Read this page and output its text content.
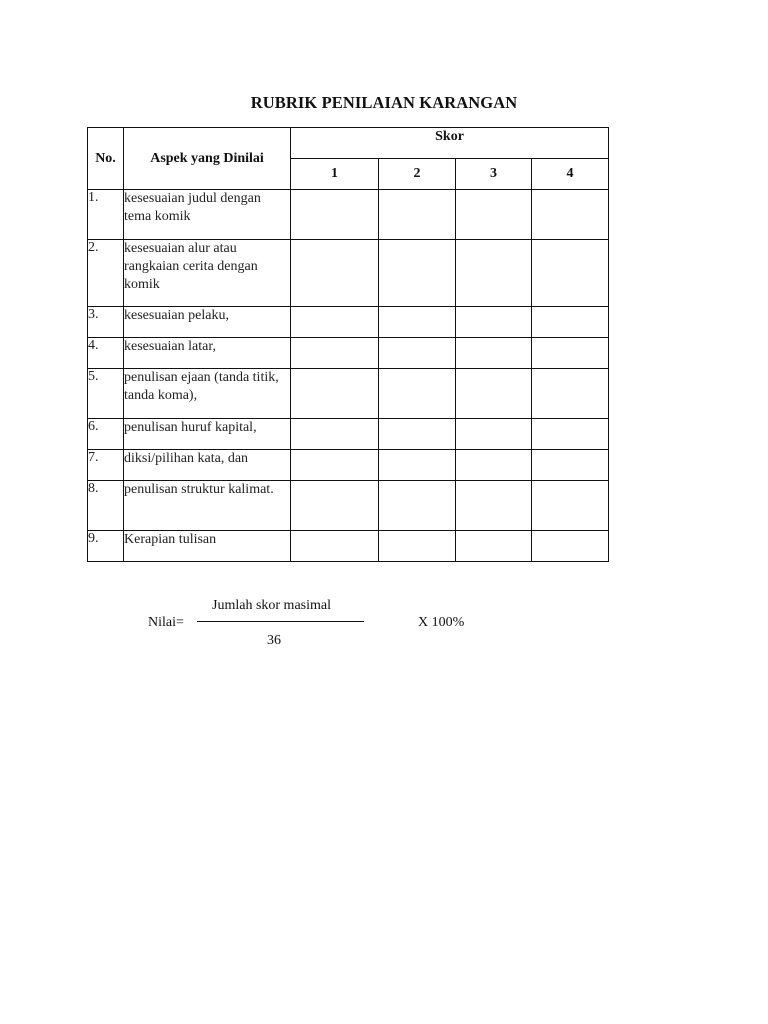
RUBRIK PENILAIAN KARANGAN
No.	Aspek yang Dinilai	Skor			
		1	2	3	4
1.	kesesuaian judul dengan tema komik				
2.	kesesuaian alur atau rangkaian cerita dengan komik				
3.	kesesuaian pelaku,				
4.	kesesuaian latar,				
5.	penulisan ejaan (tanda titik, tanda koma),				
6.	penulisan huruf kapital,				
7.	diksi/pilihan kata, dan				
8.	penulisan struktur kalimat.				
9.	Kerapian tulisan				
Nilai=
Jumlah skor masimal
36
X 100%
